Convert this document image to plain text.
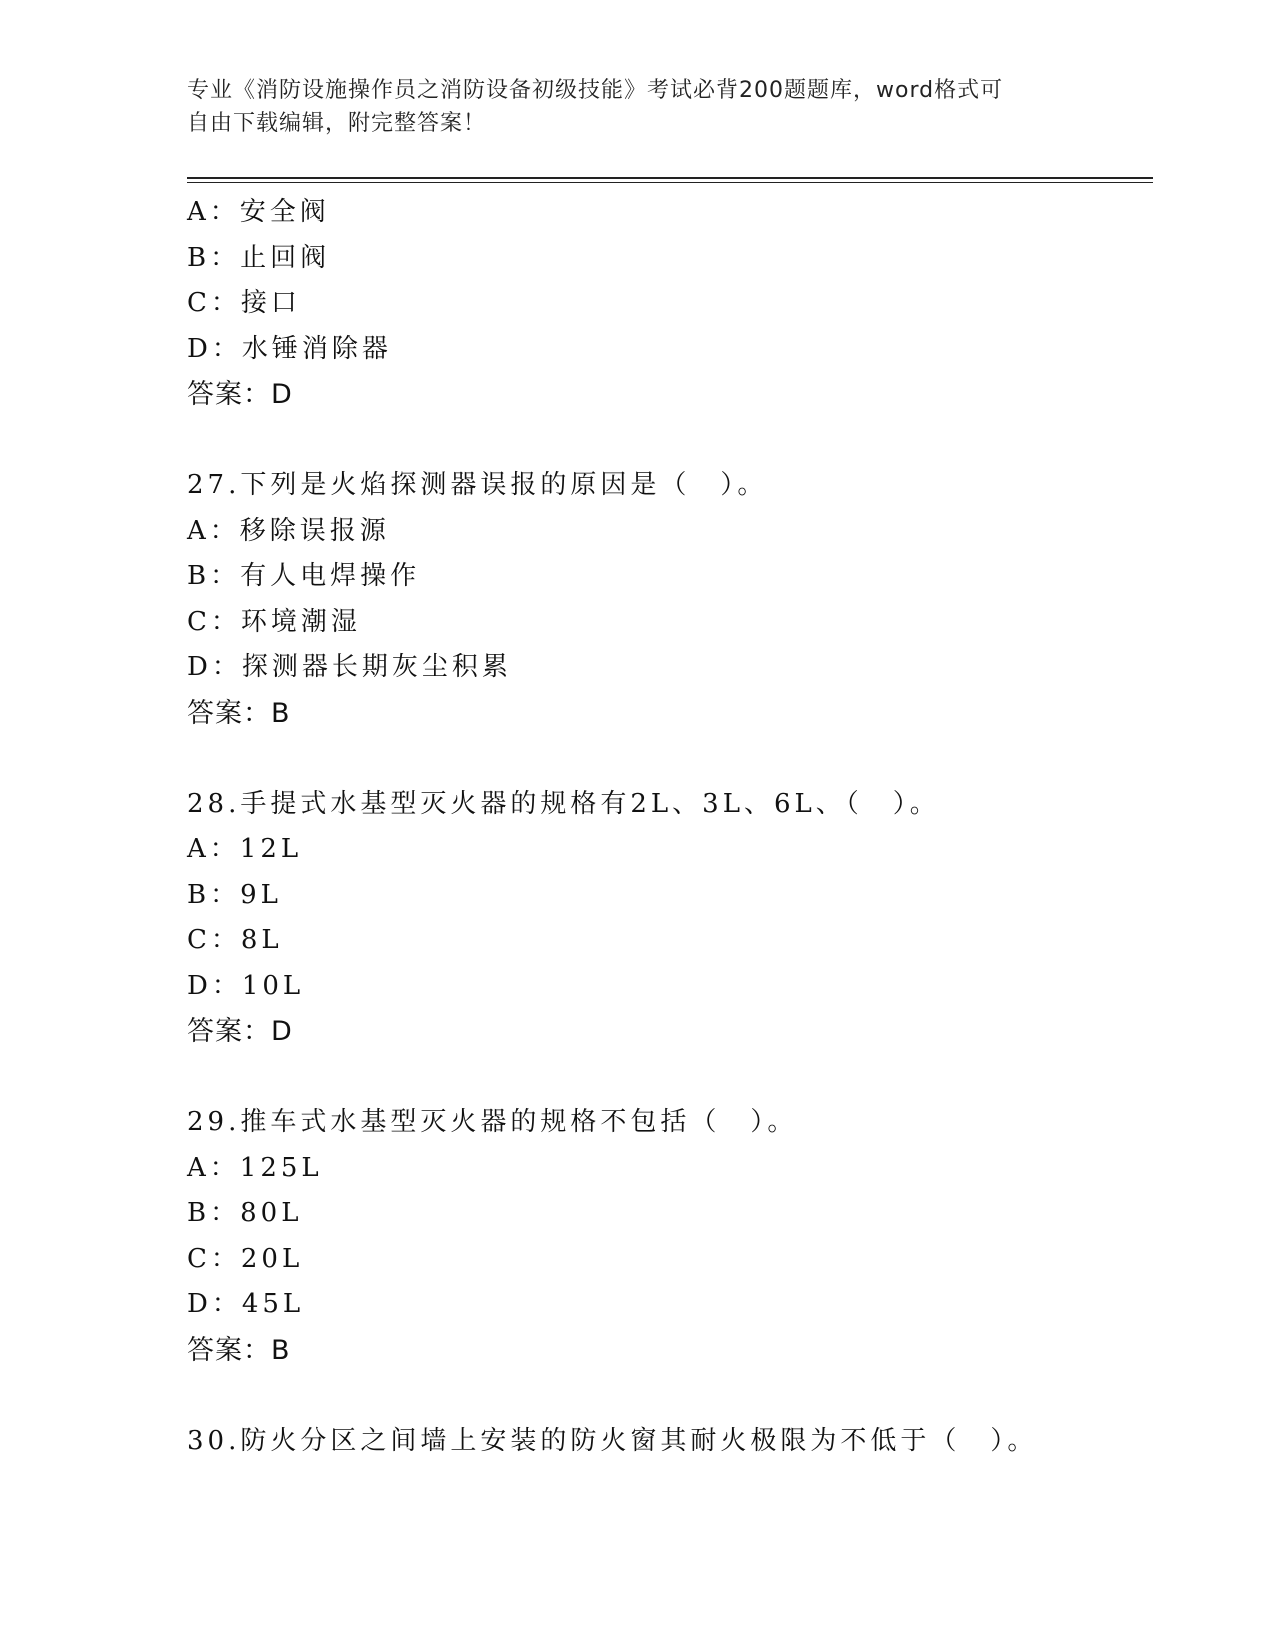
专业《消防设施操作员之消防设备初级技能》考试必背200题题库，word格式可
自由下载编辑，附完整答案！
A：安全阀
B：止回阀
C：接口
D：水锤消除器
答案：D
27.下列是火焰探测器误报的原因是（　）。
A：移除误报源
B：有人电焊操作
C：环境潮湿
D：探测器长期灰尘积累
答案：B
28.手提式水基型灭火器的规格有2L、3L、6L、（　）。
A：12L
B：9L
C：8L
D：10L
答案：D
29.推车式水基型灭火器的规格不包括（　）。
A：125L
B：80L
C：20L
D：45L
答案：B
30.防火分区之间墙上安装的防火窗其耐火极限为不低于（　）。
